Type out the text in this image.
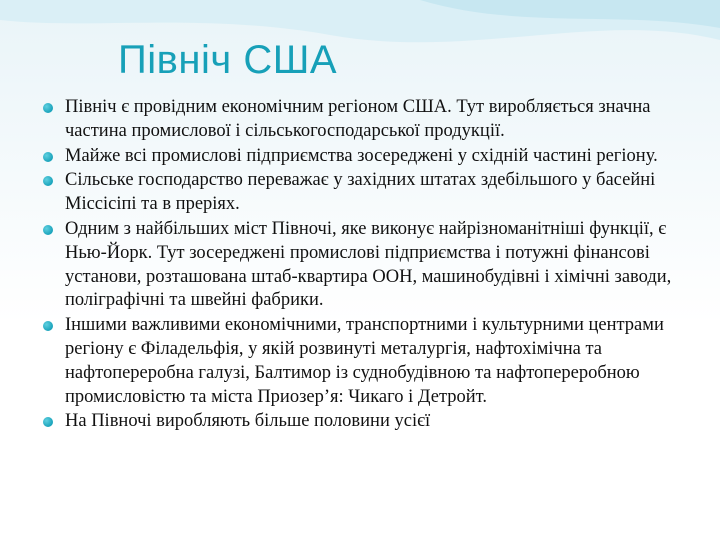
Північ США
Північ є провідним економічним регіоном США. Тут виробляється значна частина промислової і сільськогосподарської продукції.
Майже всі промислові підприємства зосереджені у східній частині регіону.
Сільське господарство переважає у західних штатах здебільшого у басейні Міссісіпі та в преріях.
Одним з найбільших міст Півночі, яке виконує найрізноманітніші функції, є Нью-Йорк. Тут зосереджені промислові підприємства і потужні фінансові установи, розташована штаб-квартира ООН, машинобудівні і хімічні заводи, поліграфічні та швейні фабрики.
Іншими важливими економічними, транспортними і культурними центрами регіону є Філадельфія, у якій розвинуті металургія, нафтохімічна та нафтопереробна галузі, Балтимор із суднобудівною та нафтопереробною промисловістю та міста Приозер’я: Чикаго і Детройт.
На Півночі виробляють більше половини усієї
